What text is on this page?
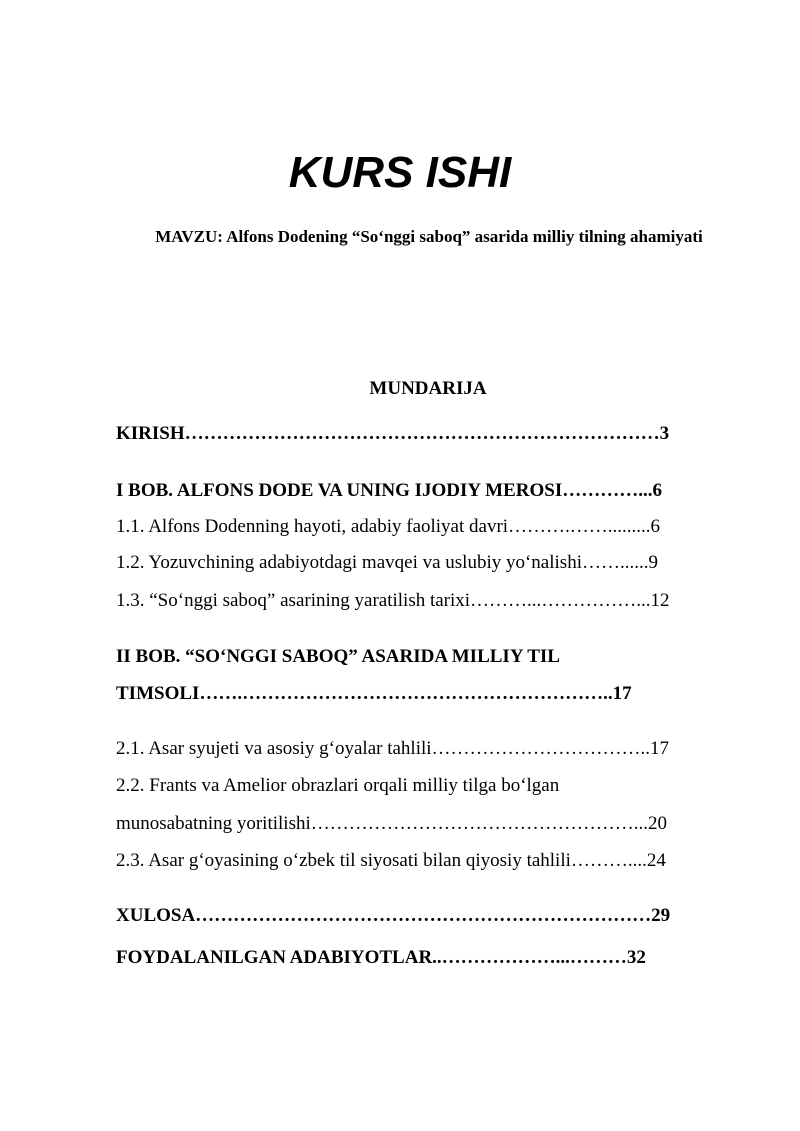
KURS ISHI
MAVZU: Alfons Dodening “So‘nggi saboq” asarida milliy tilning ahamiyati
MUNDARIJA
KIRISH…………………………………………………………………3
I BOB. ALFONS DODE VA UNING IJODIY MEROSI…………...6
1.1. Alfons Dodenning hayoti, adabiy faoliyat davri……….…….........6
1.2. Yozuvchining adabiyotdagi mavqei va uslubiy yo‘nalishi……......9
1.3. “So‘nggi saboq” asarining yaratilish tarixi………...……………...12
II BOB. “SO‘NGGI SABOQ” ASARIDA MILLIY TIL
TIMSOLI…….…………………………………………………..17
2.1. Asar syujeti va asosiy g‘oyalar tahlili……………………………..17
2.2. Frants va Amelior obrazlari orqali milliy tilga bo‘lgan
munosabatning yoritilishi……………………………………………...20
2.3. Asar g‘oyasining o‘zbek til siyosati bilan qiyosiy tahlili………....24
XULOSA………………………………………………………………29
FOYDALANILGAN ADABIYOTLAR..………………...………32
